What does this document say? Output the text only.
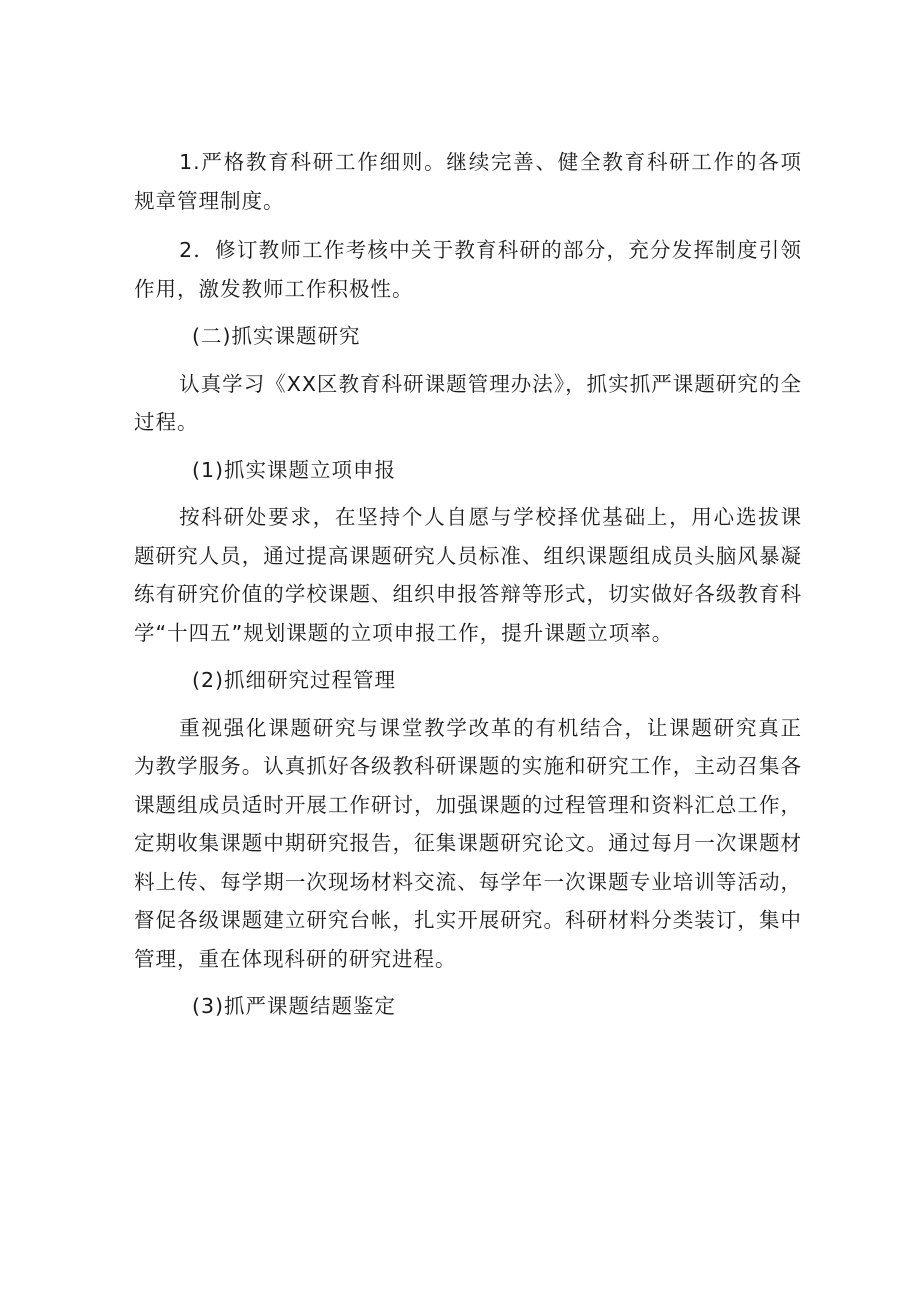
1.严格教育科研工作细则。继续完善、健全教育科研工作的各项规章管理制度。

2．修订教师工作考核中关于教育科研的部分，充分发挥制度引领作用，激发教师工作积极性。

(二)抓实课题研究

认真学习《XX区教育科研课题管理办法》，抓实抓严课题研究的全过程。

(1)抓实课题立项申报

按科研处要求，在坚持个人自愿与学校择优基础上，用心选拔课题研究人员，通过提高课题研究人员标准、组织课题组成员头脑风暴凝练有研究价值的学校课题、组织申报答辩等形式，切实做好各级教育科学“十四五”规划课题的立项申报工作，提升课题立项率。

(2)抓细研究过程管理

重视强化课题研究与课堂教学改革的有机结合，让课题研究真正为教学服务。认真抓好各级教科研课题的实施和研究工作，主动召集各课题组成员适时开展工作研讨，加强课题的过程管理和资料汇总工作，定期收集课题中期研究报告，征集课题研究论文。通过每月一次课题材料上传、每学期一次现场材料交流、每学年一次课题专业培训等活动，督促各级课题建立研究台帐，扎实开展研究。科研材料分类装订，集中管理，重在体现科研的研究进程。

(3)抓严课题结题鉴定
